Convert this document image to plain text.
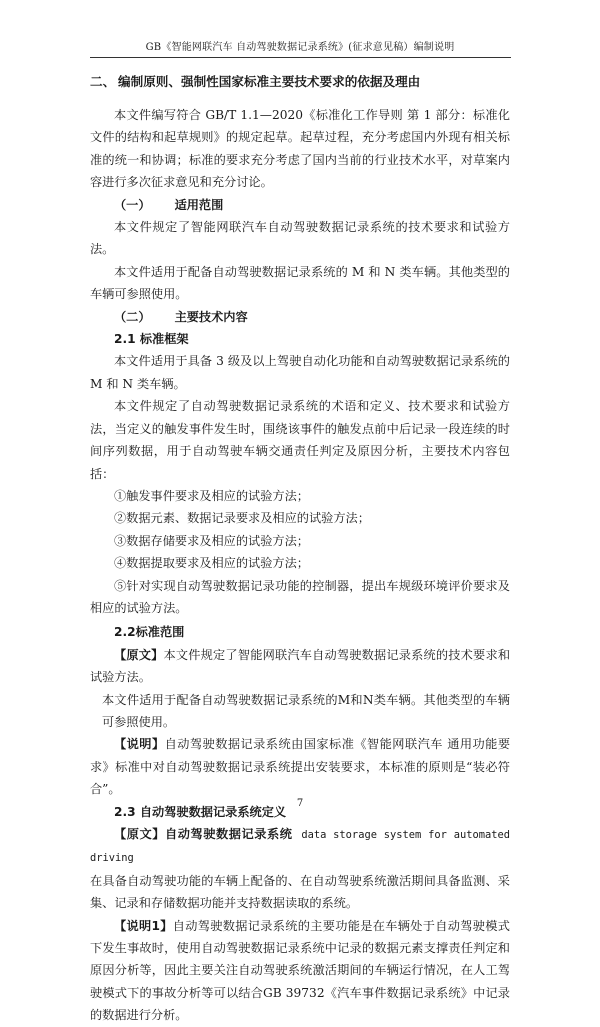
GB《智能网联汽车 自动驾驶数据记录系统》(征求意见稿）编制说明
二、 编制原则、强制性国家标准主要技术要求的依据及理由

本文件编写符合 GB/T 1.1—2020《标准化工作导则 第 1 部分：标准化文件的结构和起草规则》的规定起草。起草过程，充分考虑国内外现有相关标准的统一和协调；标准的要求充分考虑了国内当前的行业技术水平，对草案内容进行多次征求意见和充分讨论。

（一） 适用范围

本文件规定了智能网联汽车自动驾驶数据记录系统的技术要求和试验方法。

本文件适用于配备自动驾驶数据记录系统的 M 和 N 类车辆。其他类型的车辆可参照使用。

（二） 主要技术内容
2.1 标准框架

本文件适用于具备 3 级及以上驾驶自动化功能和自动驾驶数据记录系统的 M 和 N 类车辆。

本文件规定了自动驾驶数据记录系统的术语和定义、技术要求和试验方法，当定义的触发事件发生时，围绕该事件的触发点前中后记录一段连续的时间序列数据，用于自动驾驶车辆交通责任判定及原因分析，主要技术内容包括：

①触发事件要求及相应的试验方法；

②数据元素、数据记录要求及相应的试验方法；

③数据存储要求及相应的试验方法；

④数据提取要求及相应的试验方法；

⑤针对实现自动驾驶数据记录功能的控制器，提出车规级环境评价要求及相应的试验方法。

2.2标准范围

【原文】本文件规定了智能网联汽车自动驾驶数据记录系统的技术要求和试验方法。

本文件适用于配备自动驾驶数据记录系统的M和N类车辆。其他类型的车辆可参照使用。

【说明】自动驾驶数据记录系统由国家标准《智能网联汽车 通用功能要求》标准中对自动驾驶数据记录系统提出安装要求，本标准的原则是“装必符合”。

2.3 自动驾驶数据记录系统定义

【原文】自动驾驶数据记录系统 data storage system for automated driving

在具备自动驾驶功能的车辆上配备的、在自动驾驶系统激活期间具备监测、采集、记录和存储数据功能并支持数据读取的系统。

【说明1】自动驾驶数据记录系统的主要功能是在车辆处于自动驾驶模式下发生事故时，使用自动驾驶数据记录系统中记录的数据元素支撑责任判定和原因分析等，因此主要关注自动驾驶系统激活期间的车辆运行情况，在人工驾驶模式下的事故分析等可以结合GB 39732《汽车事件数据记录系统》中记录的数据进行分析。

7
